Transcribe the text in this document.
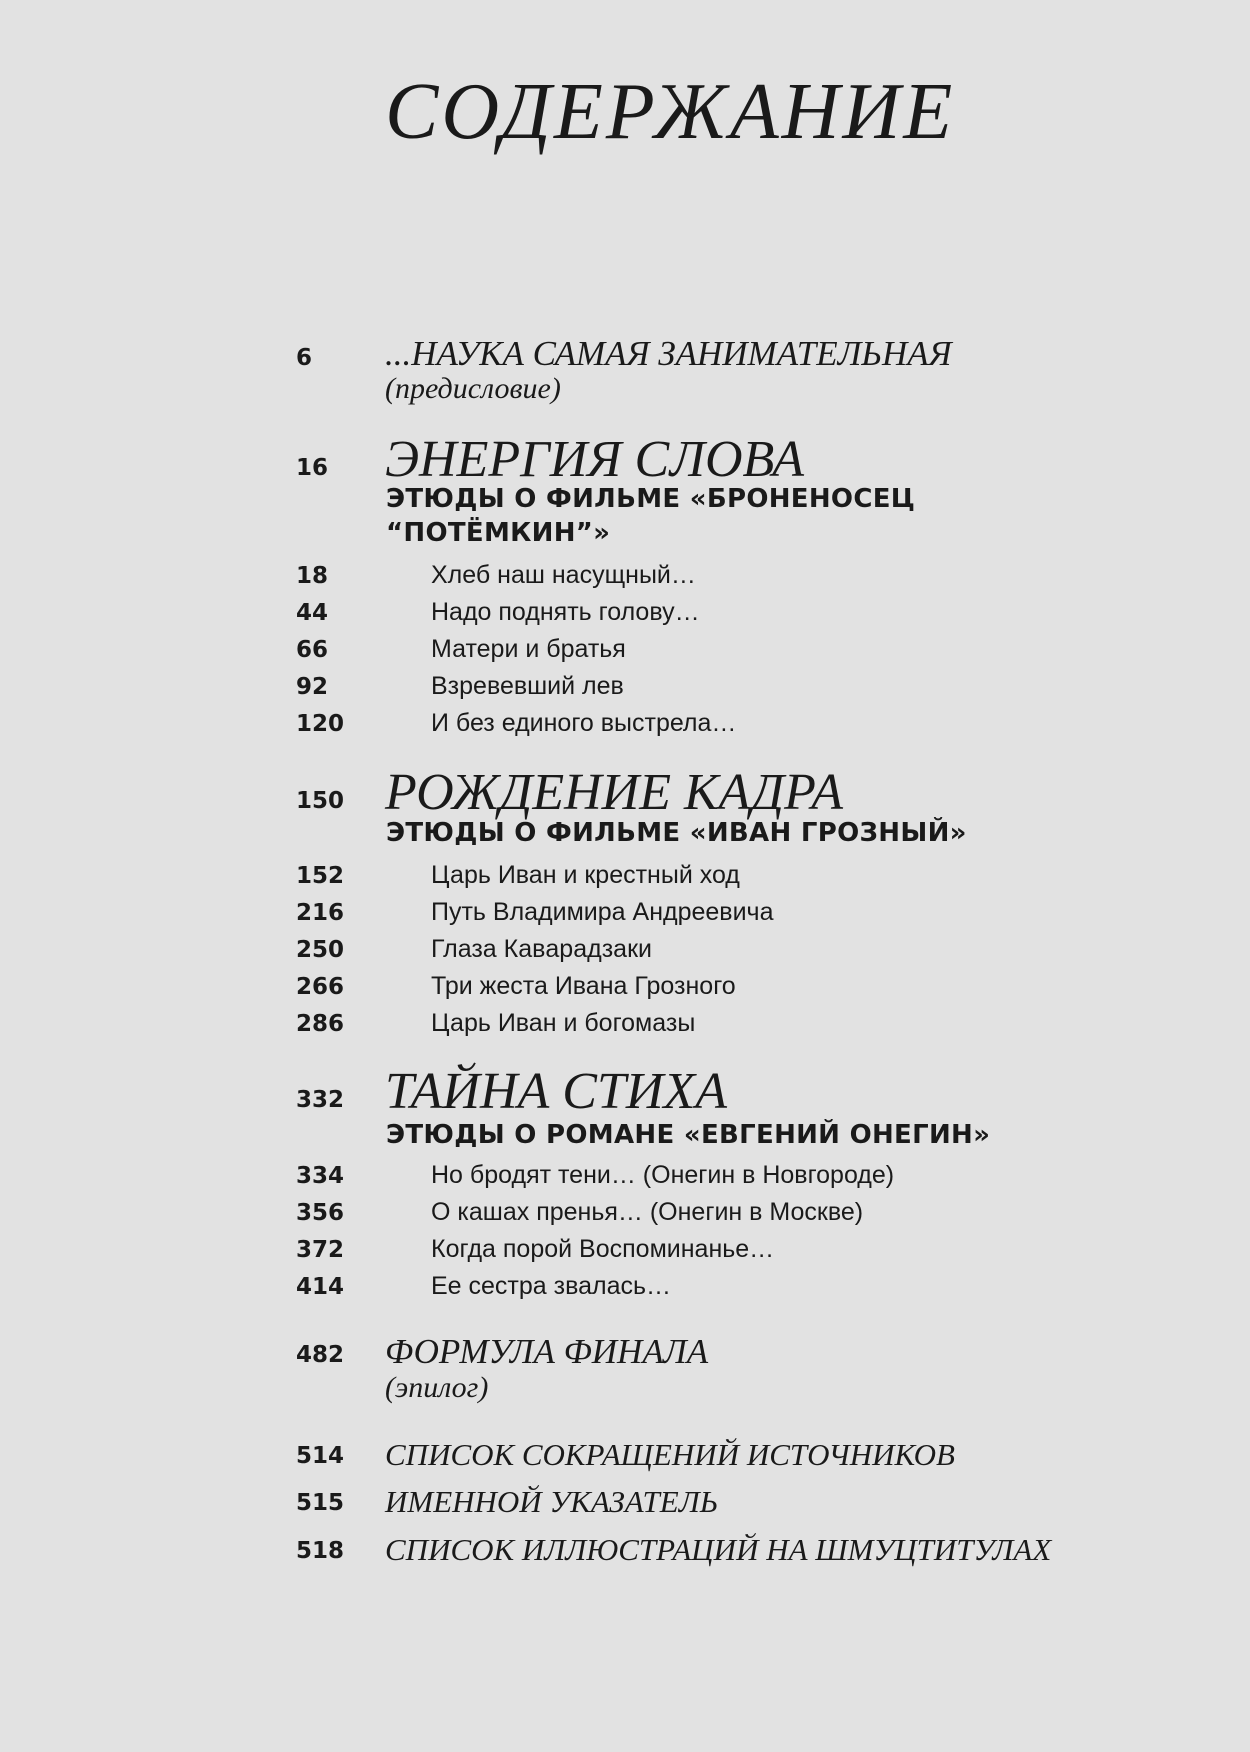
СОДЕРЖАНИЕ
6 ...НАУКА САМАЯ ЗАНИМАТЕЛЬНАЯ
(предисловие)
16 ЭНЕРГИЯ СЛОВА
ЭТЮДЫ О ФИЛЬМЕ «БРОНЕНОСЕЦ
“ПОТЁМКИН”»
18	Хлеб наш насущный…
44	Надо поднять голову…
66	Матери и братья
92	Взревевший лев
120	И без единого выстрела…
150 РОЖДЕНИЕ КАДРА
ЭТЮДЫ О ФИЛЬМЕ «ИВАН ГРОЗНЫЙ»
152	Царь Иван и крестный ход
216	Путь Владимира Андреевича
250	Глаза Кавaрадзаки
266	Три жеста Ивана Грозного
286	Царь Иван и богомазы
332 ТАЙНА СТИХА
ЭТЮДЫ О РОМАНЕ «ЕВГЕНИЙ ОНЕГИН»
334	Но бродят тени… (Онегин в Новгороде)
356	О кашах пренья… (Онегин в Москве)
372	Когда порой Воспоминанье…
414	Ее сестра звалась…
482 ФОРМУЛА ФИНАЛА
(эпилог)
514 СПИСОК СОКРАЩЕНИЙ ИСТОЧНИКОВ
515 ИМЕННОЙ УКАЗАТЕЛЬ
518 СПИСОК ИЛЛЮСТРАЦИЙ НА ШМУЦТИТУЛАХ
